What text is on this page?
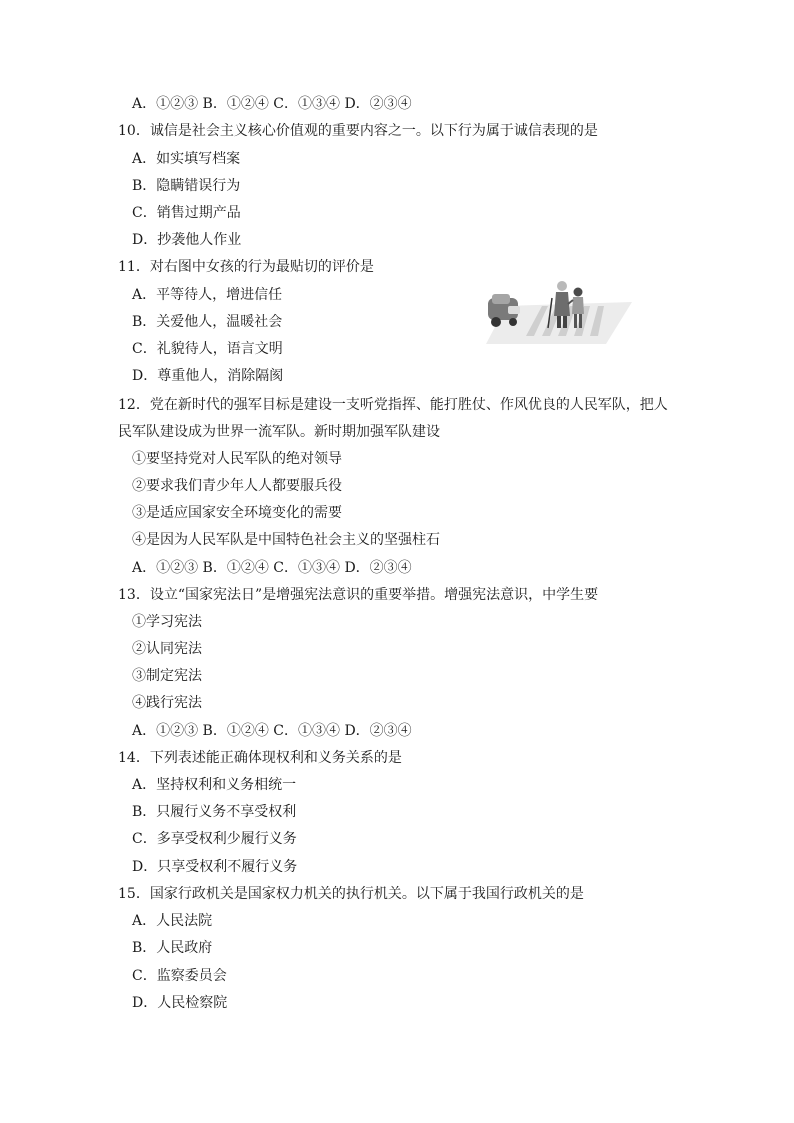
A．①②③ B．①②④ C．①③④ D．②③④
10．诚信是社会主义核心价值观的重要内容之一。以下行为属于诚信表现的是
A．如实填写档案
B．隐瞒错误行为
C．销售过期产品
D．抄袭他人作业
11．对右图中女孩的行为最贴切的评价是
A．平等待人，增进信任
B．关爱他人，温暖社会
C．礼貌待人，语言文明
D．尊重他人，消除隔阂
12．党在新时代的强军目标是建设一支听党指挥、能打胜仗、作风优良的人民军队，把人
民军队建设成为世界一流军队。新时期加强军队建设
①要坚持党对人民军队的绝对领导
②要求我们青少年人人都要服兵役
③是适应国家安全环境变化的需要
④是因为人民军队是中国特色社会主义的坚强柱石
A．①②③ B．①②④ C．①③④ D．②③④
13．设立“国家宪法日”是增强宪法意识的重要举措。增强宪法意识，中学生要
①学习宪法
②认同宪法
③制定宪法
④践行宪法
A．①②③ B．①②④ C．①③④ D．②③④
14．下列表述能正确体现权利和义务关系的是
A．坚持权利和义务相统一
B．只履行义务不享受权利
C．多享受权利少履行义务
D．只享受权利不履行义务
15．国家行政机关是国家权力机关的执行机关。以下属于我国行政机关的是
A．人民法院
B．人民政府
C．监察委员会
D．人民检察院
